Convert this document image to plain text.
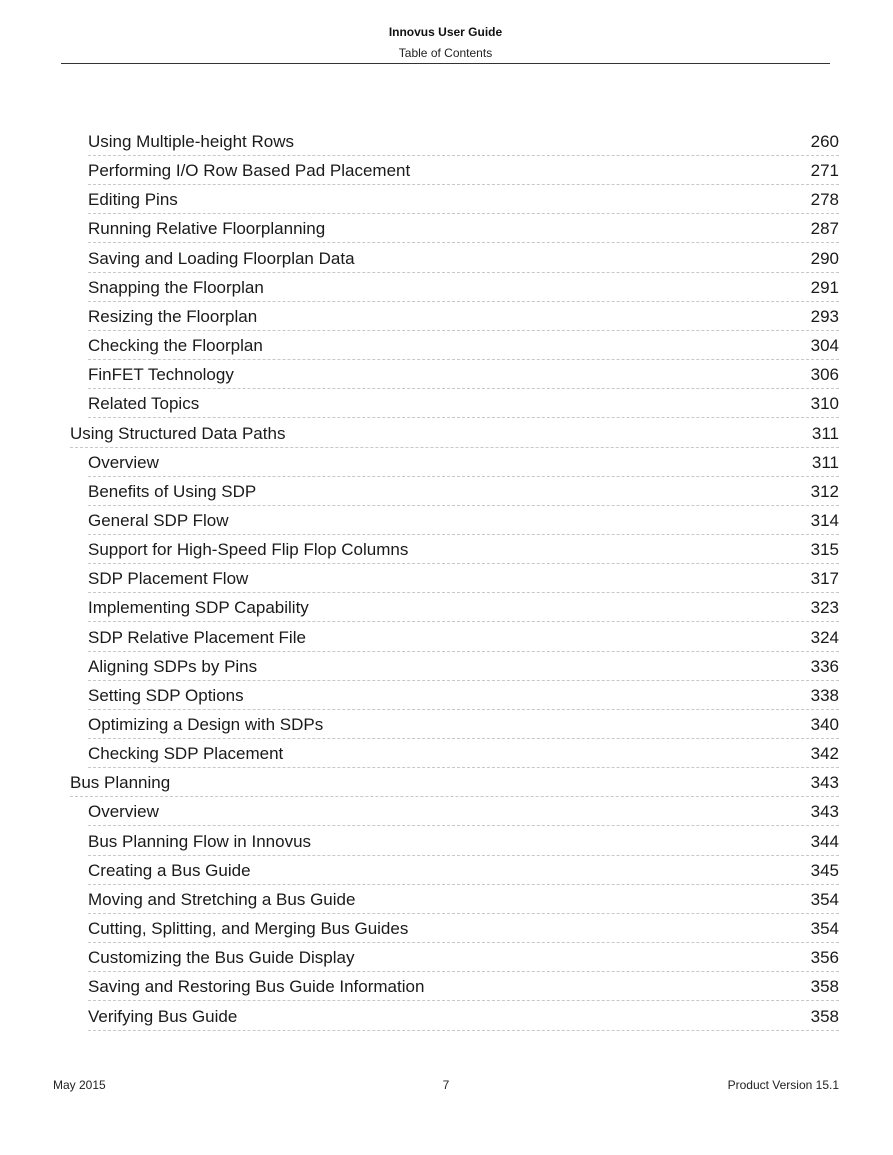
Innovus User Guide
Table of Contents
Using Multiple-height Rows	260
Performing I/O Row Based Pad Placement	271
Editing Pins	278
Running Relative Floorplanning	287
Saving and Loading Floorplan Data	290
Snapping the Floorplan	291
Resizing the Floorplan	293
Checking the Floorplan	304
FinFET Technology	306
Related Topics	310
Using Structured Data Paths	311
Overview	311
Benefits of Using SDP	312
General SDP Flow	314
Support for High-Speed Flip Flop Columns	315
SDP Placement Flow	317
Implementing SDP Capability	323
SDP Relative Placement File	324
Aligning SDPs by Pins	336
Setting SDP Options	338
Optimizing a Design with SDPs	340
Checking SDP Placement	342
Bus Planning	343
Overview	343
Bus Planning Flow in Innovus	344
Creating a Bus Guide	345
Moving and Stretching a Bus Guide	354
Cutting, Splitting, and Merging Bus Guides	354
Customizing the Bus Guide Display	356
Saving and Restoring Bus Guide Information	358
Verifying Bus Guide	358
May 2015	7	Product Version 15.1
